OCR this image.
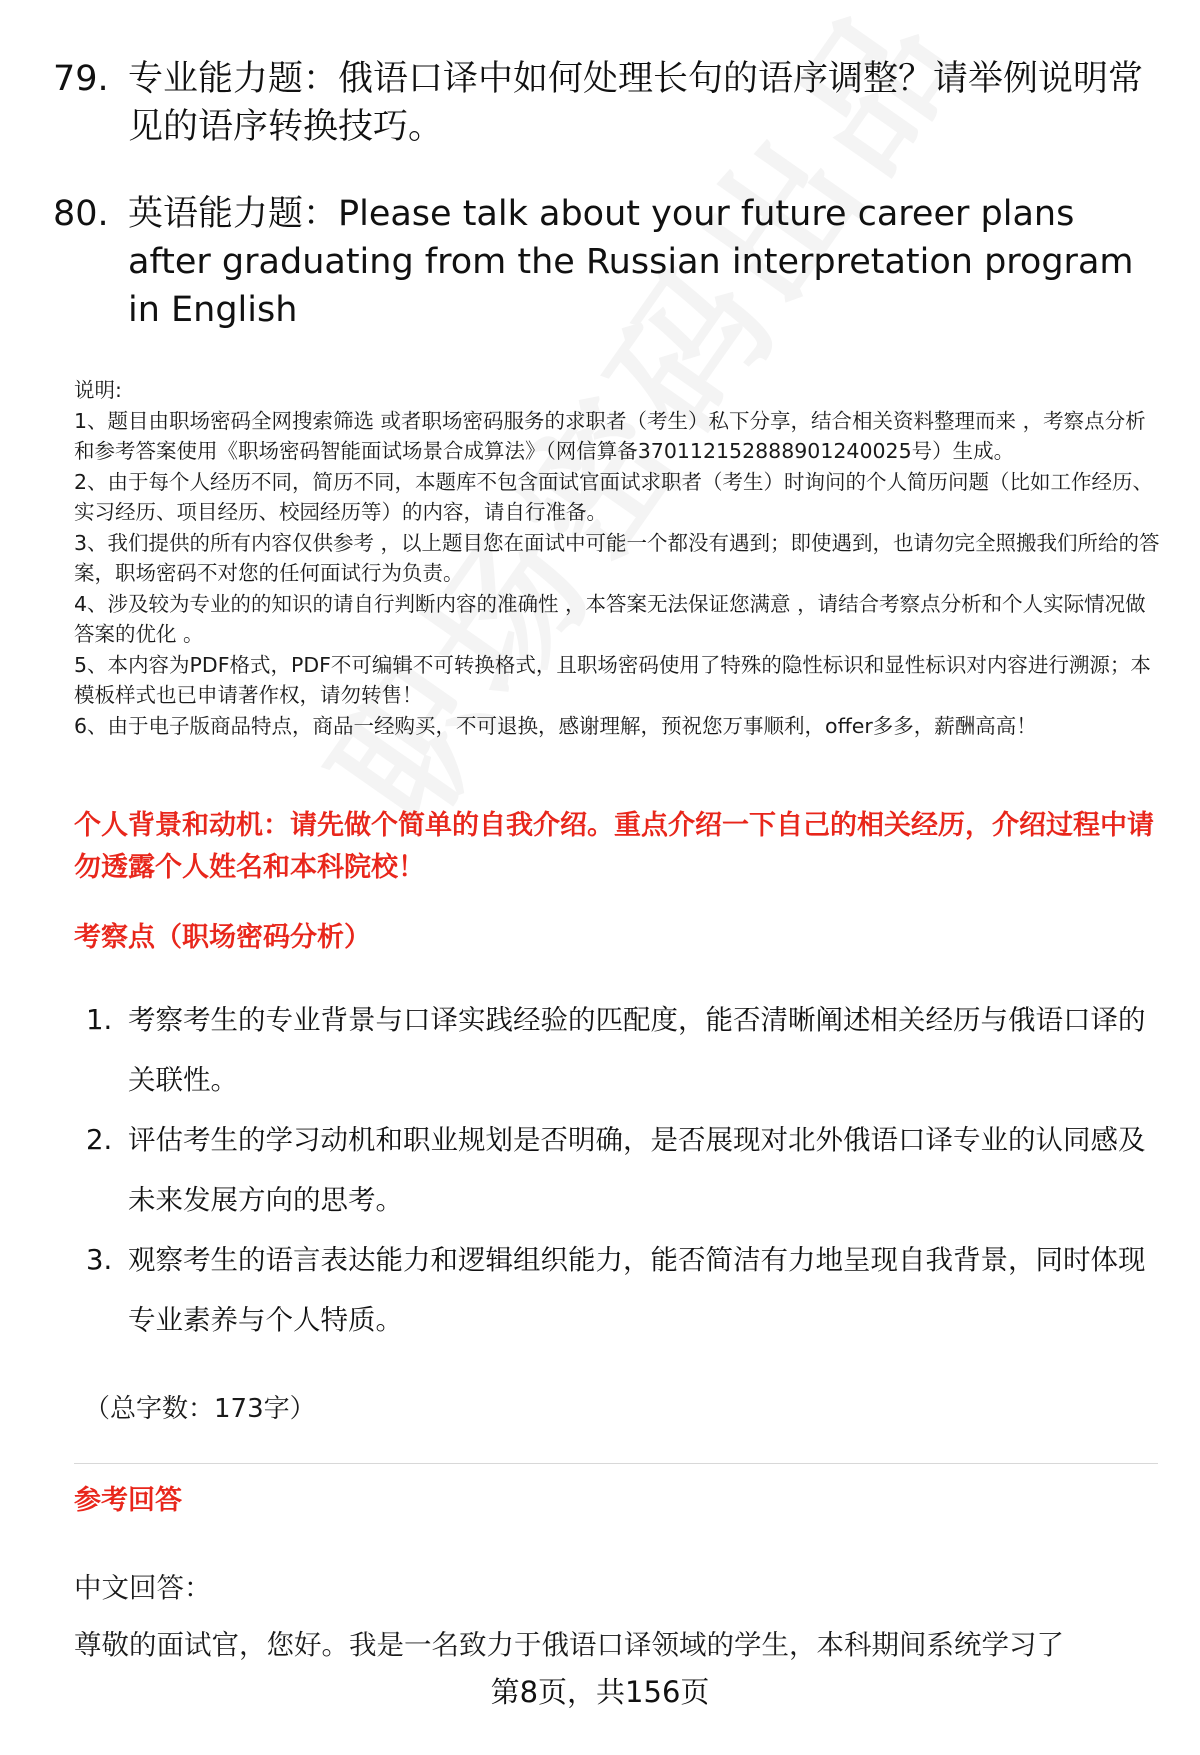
79. 专业能力题：俄语口译中如何处理长句的语序调整？请举例说明常见的语序转换技巧。
80. 英语能力题：Please talk about your future career plans after graduating from the Russian interpretation program in English

说明:

1、题目由职场密码全网搜索筛选 或者职场密码服务的求职者（考生）私下分享，结合相关资料整理而来 ，考察点分析和参考答案使用《职场密码智能面试场景合成算法》（网信算备37011215288890124002​5号）生成。

2、由于每个人经历不同，简历不同，本题库不包含面试官面试求职者（考生）时询问的个人简历问题（比如工作经历、实习经历、项目经历、校园经历等）的内容，请自行准备。

3、我们提供的所有内容仅供参考 ，以上题目您在面试中可能一个都没有遇到；即使遇到，也请勿完全照搬我们所给的答案，职场密码不对您的任何面试行为负责。

4、涉及较为专业的的知识的请自行判断内容的准确性 ，本答案无法保证您满意 ，请结合考察点分析和个人实际情况做答案的优化 。

5、本内容为PDF格式，PDF不可编辑不可转换格式，且职场密码使用了特殊的隐性标识和显性标识对内容进行溯源；本模板样式也已申请著作权，请勿转售！

6、由于电子版商品特点，商品一经购买，不可退换，感谢理解，预祝您万事顺利，offer多多，薪酬高高！

个人背景和动机：请先做个简单的自我介绍。重点介绍一下自己的相关经历，介绍过程中请勿透露个人姓名和本科院校！
考察点（职场密码分析）
1. 考察考生的专业背景与口译实践经验的匹配度，能否清晰阐述相关经历与俄语口译的关联性。
2. 评估考生的学习动机和职业规划是否明确，是否展现对北外俄语口译专业的认同感及未来发展方向的思考。
3. 观察考生的语言表达能力和逻辑组织能力，能否简洁有力地呈现自我背景，同时体现专业素养与个人特质。
（总字数：173字）
参考回答
中文回答：
尊敬的面试官，您好。我是一名致力于俄语口译领域的学生，本科期间系统学习了
第8页，共156页
